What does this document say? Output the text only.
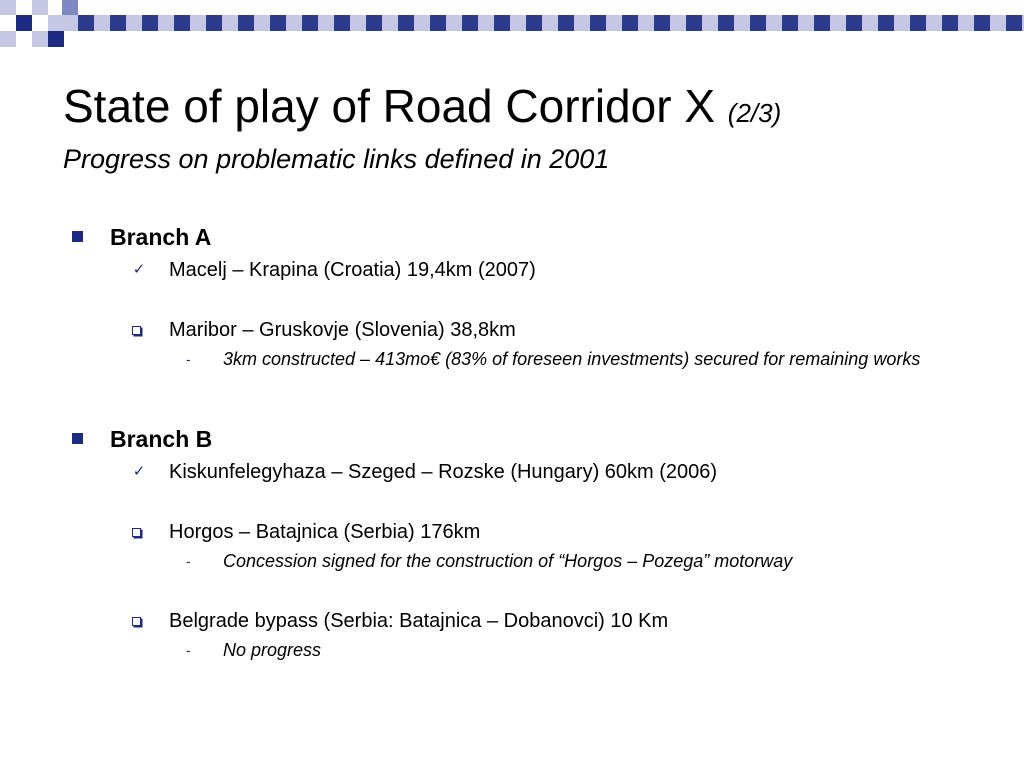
State of play of Road Corridor X (2/3)
Progress on problematic links defined in 2001
Branch A
✓ Macelj – Krapina (Croatia) 19,4km (2007)
Maribor – Gruskovje (Slovenia) 38,8km
- 3km constructed – 413mo€ (83% of foreseen investments) secured for remaining works
Branch B
✓ Kiskunfelegyhaza – Szeged – Rozske (Hungary) 60km (2006)
Horgos – Batajnica (Serbia) 176km
- Concession signed for the construction of “Horgos – Pozega” motorway
Belgrade bypass (Serbia: Batajnica – Dobanovci) 10 Km
- No progress
